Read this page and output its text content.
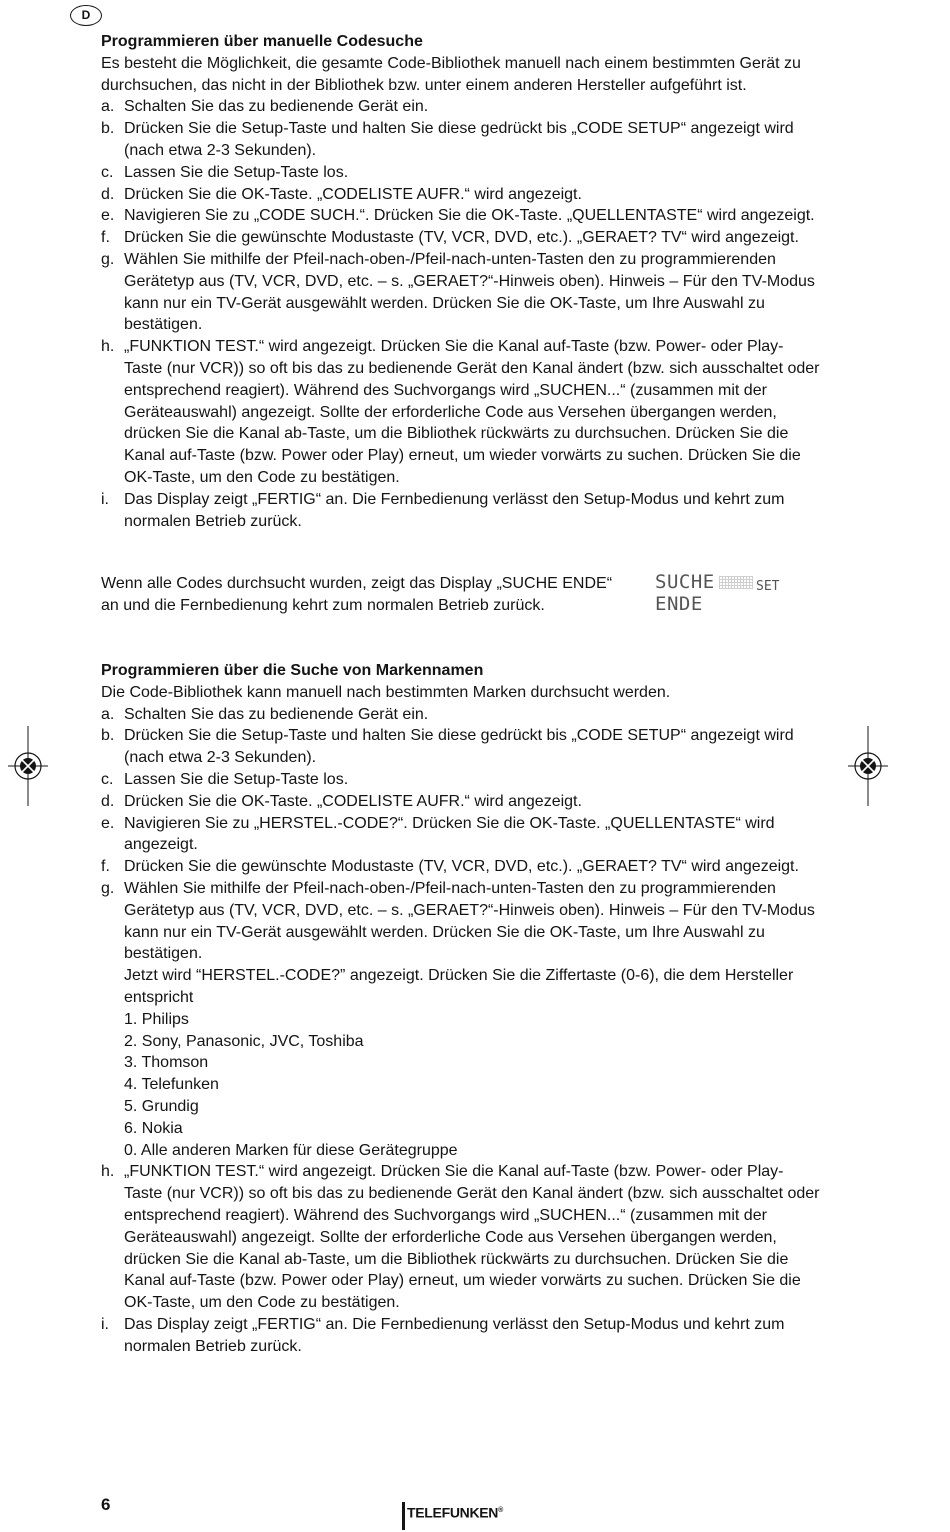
D
Programmieren über manuelle Codesuche

Es besteht die Möglichkeit, die gesamte Code-Bibliothek manuell nach einem bestimmten Gerät zu durchsuchen, das nicht in der Bibliothek bzw. unter einem anderen Hersteller aufgeführt ist.

a. Schalten Sie das zu bedienende Gerät ein.
b. Drücken Sie die Setup-Taste und halten Sie diese gedrückt bis „CODE SETUP“ angezeigt wird (nach etwa 2-3 Sekunden).
c. Lassen Sie die Setup-Taste los.
d. Drücken Sie die OK-Taste. „CODELISTE AUFR.“ wird angezeigt.
e. Navigieren Sie zu „CODE SUCH.“. Drücken Sie die OK-Taste. „QUELLENTASTE“ wird angezeigt.
f. Drücken Sie die gewünschte Modustaste (TV, VCR, DVD, etc.). „GERAET? TV“ wird angezeigt.
g. Wählen Sie mithilfe der Pfeil-nach-oben-/Pfeil-nach-unten-Tasten den zu programmierenden Gerätetyp aus (TV, VCR, DVD, etc. – s. „GERAET?“-Hinweis oben). Hinweis – Für den TV-Modus kann nur ein TV-Gerät ausgewählt werden. Drücken Sie die OK-Taste, um Ihre Auswahl zu bestätigen.
h. „FUNKTION TEST.“ wird angezeigt. Drücken Sie die Kanal auf-Taste (bzw. Power- oder Play-Taste (nur VCR)) so oft bis das zu bedienende Gerät den Kanal ändert (bzw. sich ausschaltet oder entsprechend reagiert). Während des Suchvorgangs wird „SUCHEN...“ (zusammen mit der Geräteauswahl) angezeigt. Sollte der erforderliche Code aus Versehen übergangen werden, drücken Sie die Kanal ab-Taste, um die Bibliothek rückwärts zu durchsuchen. Drücken Sie die Kanal auf-Taste (bzw. Power oder Play) erneut, um wieder vorwärts zu suchen. Drücken Sie die OK-Taste, um den Code zu bestätigen.
i. Das Display zeigt „FERTIG“ an. Die Fernbedienung verlässt den Setup-Modus und kehrt zum normalen Betrieb zurück.

Wenn alle Codes durchsucht wurden, zeigt das Display „SUCHE ENDE“ an und die Fernbedienung kehrt zum normalen Betrieb zurück.

SUCHE	SET
ENDE
Programmieren über die Suche von Markennamen

Die Code-Bibliothek kann manuell nach bestimmten Marken durchsucht werden.

a. Schalten Sie das zu bedienende Gerät ein.
b. Drücken Sie die Setup-Taste und halten Sie diese gedrückt bis „CODE SETUP“ angezeigt wird (nach etwa 2-3 Sekunden).
c. Lassen Sie die Setup-Taste los.
d. Drücken Sie die OK-Taste. „CODELISTE AUFR.“ wird angezeigt.
e. Navigieren Sie zu „HERSTEL.-CODE?“. Drücken Sie die OK-Taste. „QUELLENTASTE“ wird angezeigt.
f. Drücken Sie die gewünschte Modustaste (TV, VCR, DVD, etc.). „GERAET? TV“ wird angezeigt.
g. Wählen Sie mithilfe der Pfeil-nach-oben-/Pfeil-nach-unten-Tasten den zu programmierenden Gerätetyp aus (TV, VCR, DVD, etc. – s. „GERAET?“-Hinweis oben). Hinweis – Für den TV-Modus kann nur ein TV-Gerät ausgewählt werden. Drücken Sie die OK-Taste, um Ihre Auswahl zu bestätigen.
Jetzt wird “HERSTEL.-CODE?” angezeigt. Drücken Sie die Ziffertaste (0-6), die dem Hersteller entspricht
1. Philips
2. Sony, Panasonic, JVC, Toshiba
3. Thomson
4. Telefunken
5. Grundig
6. Nokia
0. Alle anderen Marken für diese Gerätegruppe
h. „FUNKTION TEST.“ wird angezeigt. Drücken Sie die Kanal auf-Taste (bzw. Power- oder Play-Taste (nur VCR)) so oft bis das zu bedienende Gerät den Kanal ändert (bzw. sich ausschaltet oder entsprechend reagiert). Während des Suchvorgangs wird „SUCHEN...“ (zusammen mit der Geräteauswahl) angezeigt. Sollte der erforderliche Code aus Versehen übergangen werden, drücken Sie die Kanal ab-Taste, um die Bibliothek rückwärts zu durchsuchen. Drücken Sie die Kanal auf-Taste (bzw. Power oder Play) erneut, um wieder vorwärts zu suchen. Drücken Sie die OK-Taste, um den Code zu bestätigen.
i. Das Display zeigt „FERTIG“ an. Die Fernbedienung verlässt den Setup-Modus und kehrt zum normalen Betrieb zurück.
6	TELEFUNKEN®
